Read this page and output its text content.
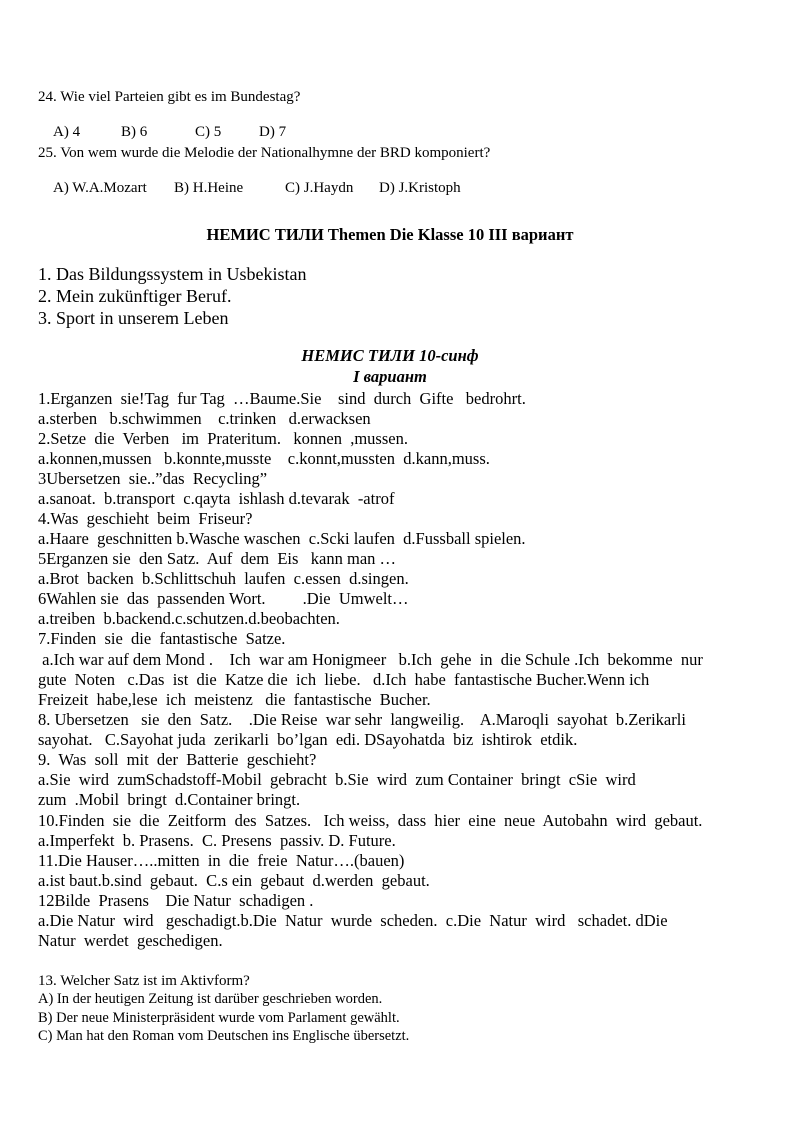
24. Wie viel Parteien gibt es im Bundestag?

A) 4	B) 6	C) 5	D) 7

25. Von wem wurde die Melodie der Nationalhymne der BRD komponiert?

A) W.A.Mozart B) H.Heine	C) J.Haydn D) J.Kristoph

НЕМИС ТИЛИ Themen Die Klasse 10 III вариант
1. Das Bildungssystem in Usbekistan
2. Mein zukünftiger Beruf.
3. Sport in unserem Leben
НЕМИС ТИЛИ 10-синф
I вариант
1.Erganzen  sie!Tag  fur Tag  …Baume.Sie    sind  durch  Gifte   bedrohrt.
a.sterben   b.schwimmen    c.trinken   d.erwacksen
2.Setze  die  Verben   im  Prateritum.   konnen  ,mussen.
a.konnen,mussen   b.konnte,musste    c.konnt,mussten  d.kann,muss.
3Ubersetzen  sie..”das  Recycling”
a.sanoat.  b.transport  c.qayta  ishlash d.tevarak  -atrof
4.Was  geschieht  beim  Friseur?
a.Haare  geschnitten b.Wasche waschen  c.Scki laufen  d.Fussball spielen.
5Erganzen sie  den Satz.  Auf  dem  Eis   kann man …
a.Brot  backen  b.Schlittschuh  laufen  c.essen  d.singen.
6Wahlen sie  das  passenden Wort.         .Die  Umwelt…
a.treiben  b.backend.c.schutzen.d.beobachten.
7.Finden  sie  die  fantastische  Satze.
a.Ich war auf dem Mond .    Ich  war am Honigmeer   b.Ich  gehe  in  die Schule .Ich  bekomme  nur
gute  Noten   c.Das  ist  die  Katze die  ich  liebe.   d.Ich  habe  fantastische Bucher.Wenn ich
Freizeit  habe,lese  ich  meistenz   die  fantastische  Bucher.
8. Ubersetzen   sie  den  Satz.    .Die Reise  war sehr  langweilig.    A.Maroqli  sayohat  b.Zerikarli
sayohat.   C.Sayohat juda  zerikarli  bo’lgan  edi. DSayohatda  biz  ishtirok  etdik.
9.  Was  soll  mit  der  Batterie  geschieht?
a.Sie  wird  zumSchadstoff-Mobil  gebracht  b.Sie  wird  zum Container  bringt  cSie  wird
zum  .Mobil  bringt  d.Container bringt.
10.Finden  sie  die  Zeitform  des  Satzes.   Ich weiss,  dass  hier  eine  neue  Autobahn  wird  gebaut.
a.Imperfekt  b. Prasens.  C. Presens  passiv. D. Future.
11.Die Hauser…..mitten  in  die  freie  Natur….(bauen)
a.ist baut.b.sind  gebaut.  C.s ein  gebaut  d.werden  gebaut.
12Bilde  Prasens    Die Natur  schadigen .
a.Die Natur  wird   geschadigt.b.Die  Natur  wurde  scheden.  c.Die  Natur  wird   schadet. dDie
Natur  werdet  geschedigen.
13. Welcher Satz ist im Aktivform?
A) In der heutigen Zeitung ist darüber geschrieben worden.
B) Der neue Ministerpräsident wurde vom Parlament gewählt.
C) Man hat den Roman vom Deutschen ins Englische übersetzt.
